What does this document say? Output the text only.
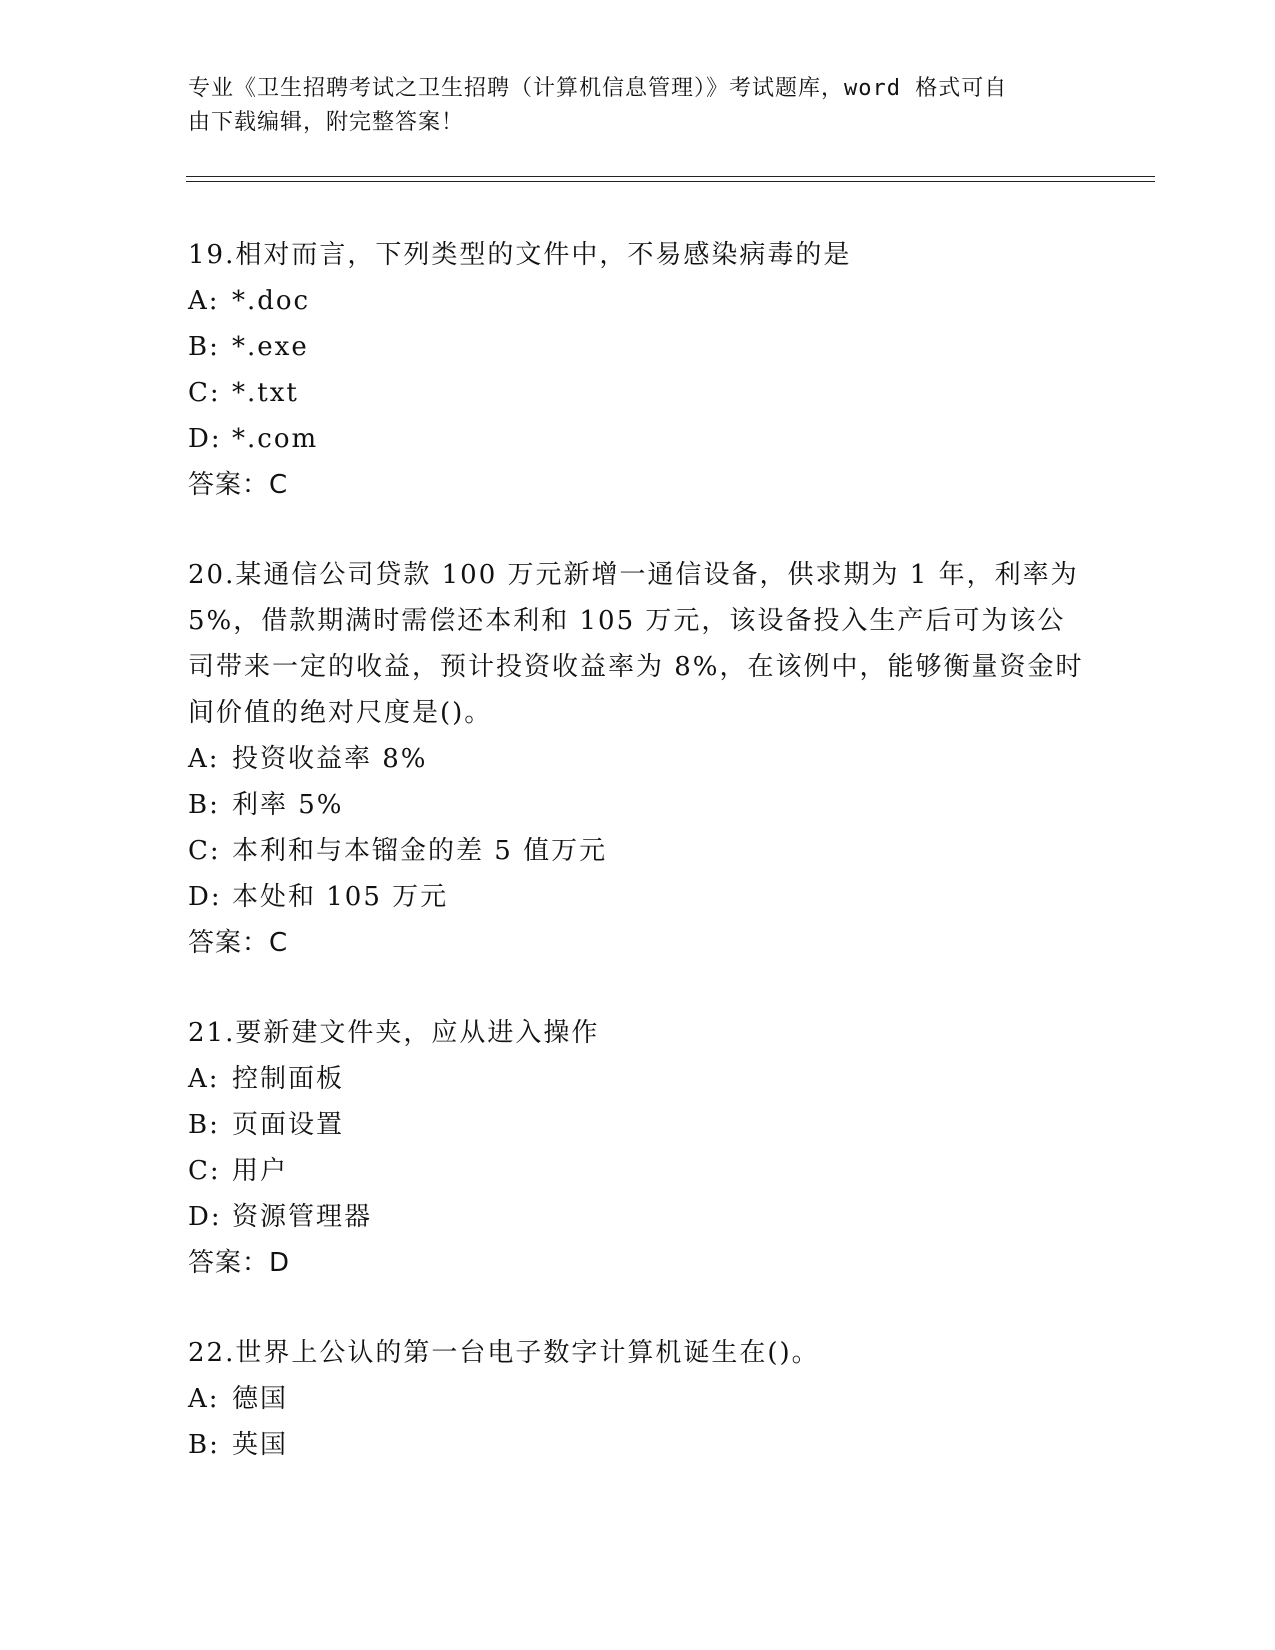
专业《卫生招聘考试之卫生招聘（计算机信息管理）》考试题库，word 格式可自
由下载编辑，附完整答案！
19.相对而言，下列类型的文件中，不易感染病毒的是
A: *.doc
B: *.exe
C: *.txt
D: *.com
答案：C
20.某通信公司贷款 100 万元新增一通信设备，供求期为 1 年，利率为5%，借款期满时需偿还本利和 105 万元，该设备投入生产后可为该公司带来一定的收益，预计投资收益率为 8%，在该例中，能够衡量资金时间价值的绝对尺度是()。
A: 投资收益率 8%
B: 利率 5%
C: 本利和与本镏金的差 5 值万元
D: 本处和 105 万元
答案：C
21.要新建文件夹，应从进入操作
A: 控制面板
B: 页面设置
C: 用户
D: 资源管理器
答案：D
22.世界上公认的第一台电子数字计算机诞生在()。
A: 德国
B: 英国
